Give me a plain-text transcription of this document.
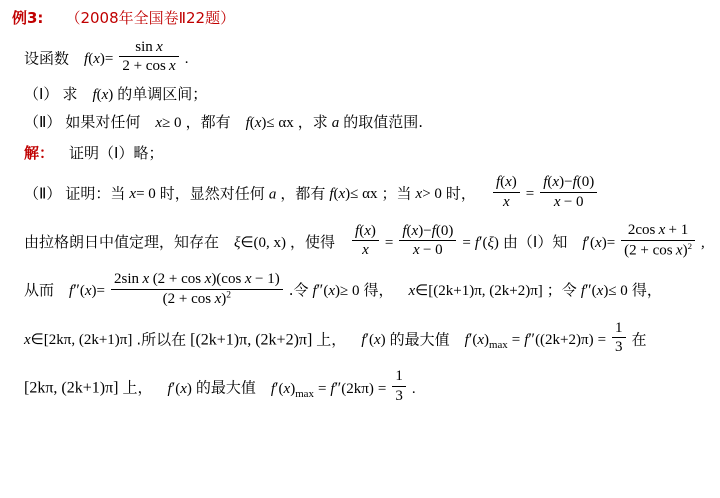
例3: （2008年全国卷Ⅱ22题）
设函数 $f(x)= \frac{\text{sin x}}{\text{2 + cos x}}$ .
（Ⅰ） 求 f(x) 的单调区间；
（Ⅱ） 如果对任何 x≥ 0 ，都有 f(x)≤ αx ，求 a 的取值范围.
解： 证明（Ⅰ）略；
（Ⅱ） 证明：当 x= 0 时，显然对任何 a ，都有 f(x)≤ αx ；当 x> 0 时， $\frac{f(x)}{x} = \frac{f(x)-f(0)}{x - 0}$
由拉格朗日中值定理，知存在 ξ∈(0, x) ，使得 $\frac{f(x)}{x} = \frac{f(x)-f(0)}{x - 0} = f'(\xi)$ 由（Ⅰ）知 $f'(x)= \frac{\text{2cos x + 1}}{(2 + \cos x)^2}$ ,
从而 $f''(x)= \frac{\text{2sin x (2 + cos x)(cos x − 1)}}{(2 + \cos x)^2}$ .令 f″(x)≥ 0 得， x∈[(2k+1)π, (2k+2)π] ；令 f″(x)≤ 0 得，
x∈[2kπ, (2k+1)π] .所以在 [(2k+1)π, (2k+2)π] 上， f′(x) 的最大值 $f'(x)_{max} = f''((2k+2)\pi) = \frac{1}{3}$ 在
[2kπ, (2k+1)π] 上， f′(x) 的最大值 $f'(x)_{max} = f''(2k\pi) = \frac{1}{3}$ .
